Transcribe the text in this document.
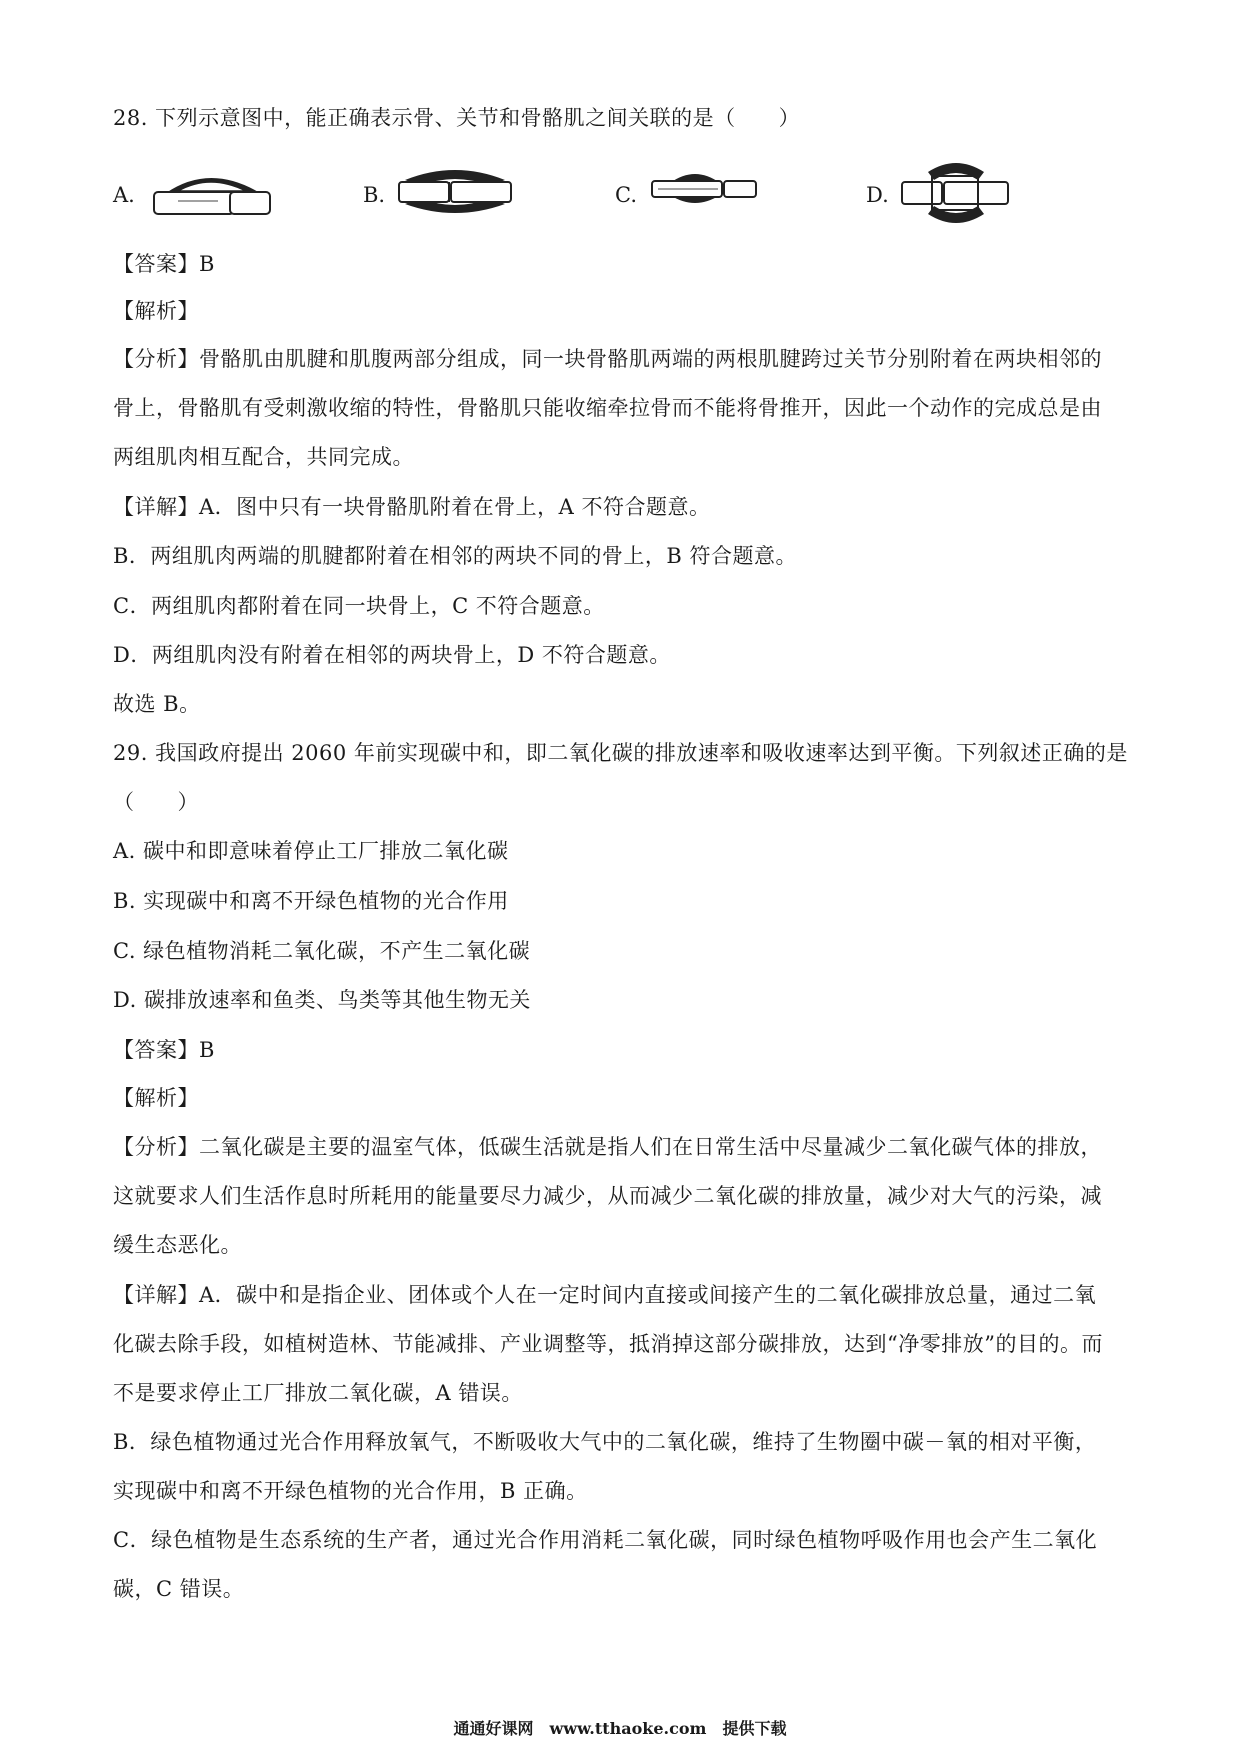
28. 下列示意图中，能正确表示骨、关节和骨骼肌之间关联的是（　　）
A.	B.	C.	D.
【答案】B
【解析】
【分析】骨骼肌由肌腱和肌腹两部分组成，同一块骨骼肌两端的两根肌腱跨过关节分别附着在两块相邻的
骨上，骨骼肌有受刺激收缩的特性，骨骼肌只能收缩牵拉骨而不能将骨推开，因此一个动作的完成总是由
两组肌肉相互配合，共同完成。
【详解】A．图中只有一块骨骼肌附着在骨上，A 不符合题意。
B．两组肌肉两端的肌腱都附着在相邻的两块不同的骨上，B 符合题意。
C．两组肌肉都附着在同一块骨上，C 不符合题意。
D．两组肌肉没有附着在相邻的两块骨上，D 不符合题意。
故选 B。
29. 我国政府提出 2060 年前实现碳中和，即二氧化碳的排放速率和吸收速率达到平衡。下列叙述正确的是
（　　）
A. 碳中和即意味着停止工厂排放二氧化碳
B. 实现碳中和离不开绿色植物的光合作用
C. 绿色植物消耗二氧化碳，不产生二氧化碳
D. 碳排放速率和鱼类、鸟类等其他生物无关
【答案】B
【解析】
【分析】二氧化碳是主要的温室气体，低碳生活就是指人们在日常生活中尽量减少二氧化碳气体的排放，
这就要求人们生活作息时所耗用的能量要尽力减少，从而减少二氧化碳的排放量，减少对大气的污染，减
缓生态恶化。
【详解】A．碳中和是指企业、团体或个人在一定时间内直接或间接产生的二氧化碳排放总量，通过二氧
化碳去除手段，如植树造林、节能减排、产业调整等，抵消掉这部分碳排放，达到“净零排放”的目的。而
不是要求停止工厂排放二氧化碳，A 错误。
B．绿色植物通过光合作用释放氧气，不断吸收大气中的二氧化碳，维持了生物圈中碳－氧的相对平衡，
实现碳中和离不开绿色植物的光合作用，B 正确。
C．绿色植物是生态系统的生产者，通过光合作用消耗二氧化碳，同时绿色植物呼吸作用也会产生二氧化
碳，C 错误。
通通好课网　www.tthaoke.com　提供下载
